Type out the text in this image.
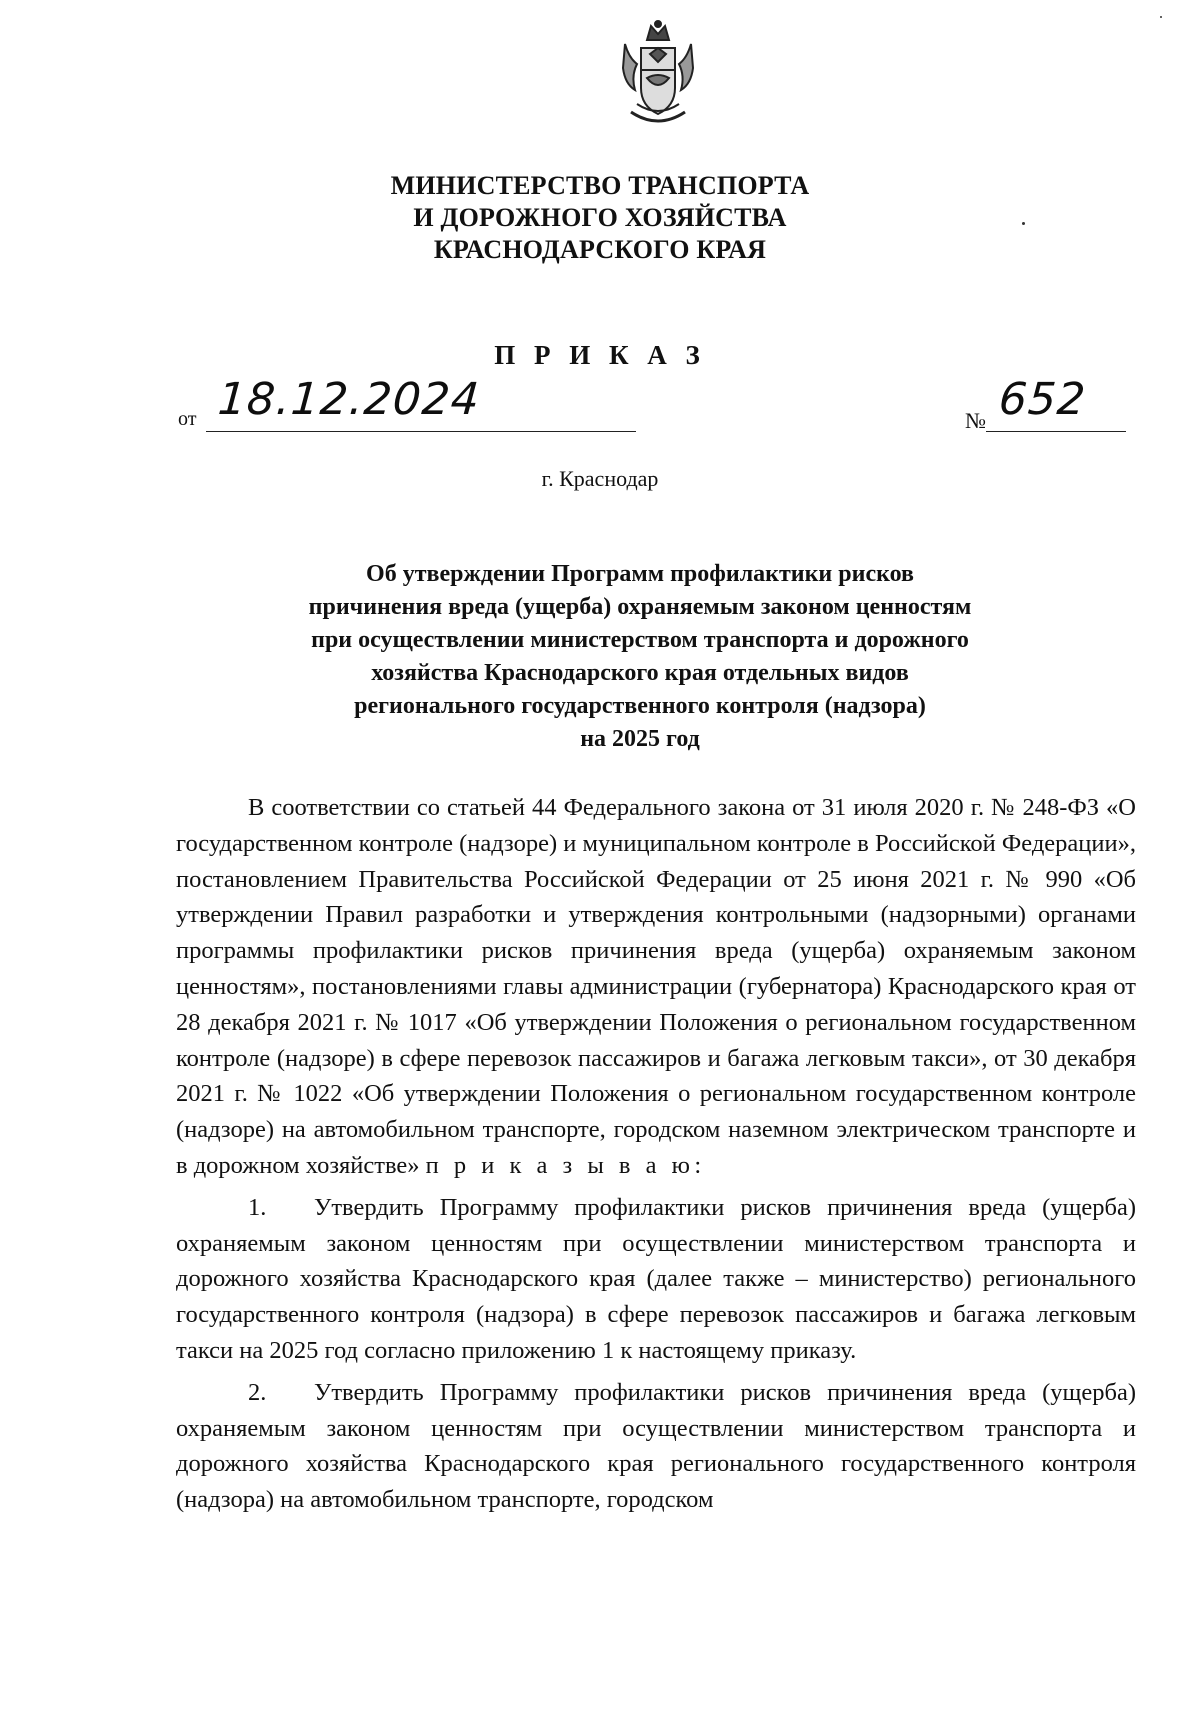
МИНИСТЕРСТВО ТРАНСПОРТА
И ДОРОЖНОГО ХОЗЯЙСТВА
КРАСНОДАРСКОГО КРАЯ
П Р И К А З
от 18.12.2024	№ 652
г. Краснодар
Об утверждении Программ профилактики рисков
причинения вреда (ущерба) охраняемым законом ценностям
при осуществлении министерством транспорта и дорожного
хозяйства Краснодарского края отдельных видов
регионального государственного контроля (надзора)
на 2025 год

В соответствии со статьей 44 Федерального закона от 31 июля 2020 г. № 248-ФЗ «О государственном контроле (надзоре) и муниципальном контроле в Российской Федерации», постановлением Правительства Российской Федерации от 25 июня 2021 г. № 990 «Об утверждении Правил разработки и утверждения контрольными (надзорными) органами программы профилактики рисков причинения вреда (ущерба) охраняемым законом ценностям», постановлениями главы администрации (губернатора) Краснодарского края от 28 декабря 2021 г. № 1017 «Об утверждении Положения о региональном государственном контроле (надзоре) в сфере перевозок пассажиров и багажа легковым такси», от 30 декабря 2021 г. № 1022 «Об утверждении Положения о региональном государственном контроле (надзоре) на автомобильном транспорте, городском наземном электрическом транспорте и в дорожном хозяйстве» п р и к а з ы в а ю:

1. Утвердить Программу профилактики рисков причинения вреда (ущерба) охраняемым законом ценностям при осуществлении министерством транспорта и дорожного хозяйства Краснодарского края (далее также – министерство) регионального государственного контроля (надзора) в сфере перевозок пассажиров и багажа легковым такси на 2025 год согласно приложению 1 к настоящему приказу.

2. Утвердить Программу профилактики рисков причинения вреда (ущерба) охраняемым законом ценностям при осуществлении министерством транспорта и дорожного хозяйства Краснодарского края регионального государственного контроля (надзора) на автомобильном транспорте, городском
